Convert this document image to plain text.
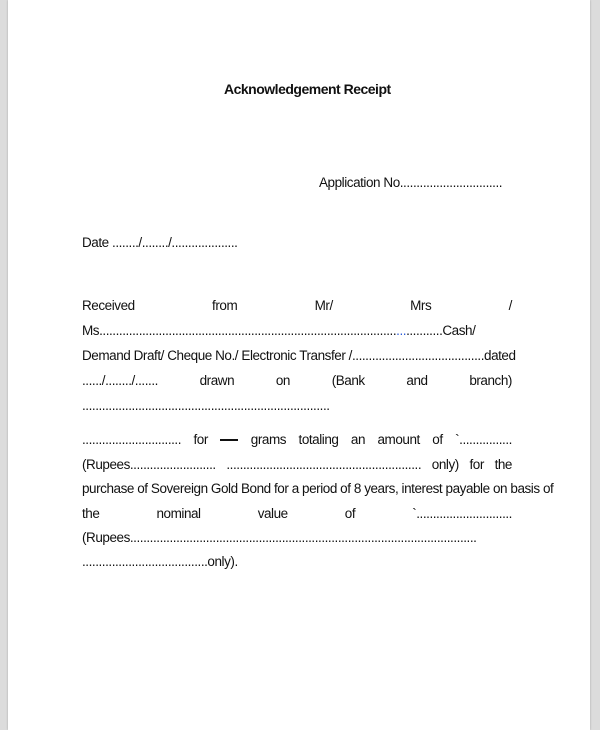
Acknowledgement Receipt
Application No...............................
Date ......../......../....................
Received	from	Mr/	Mrs	/
Ms........................................................................................................Cash/
Demand Draft/ Cheque No./ Electronic Transfer /........................................ dated
....../......../.......	drawn	on	(Bank	and	branch)
...........................................................................
.............................. for	grams totaling an amount of `................
(Rupees.......................... ........................................................... only) for the
purchase of Sovereign Gold Bond for a period of 8 years, interest payable on basis of
the	nominal	value	of	`.............................
(Rupees.........................................................................................................
......................................only).
